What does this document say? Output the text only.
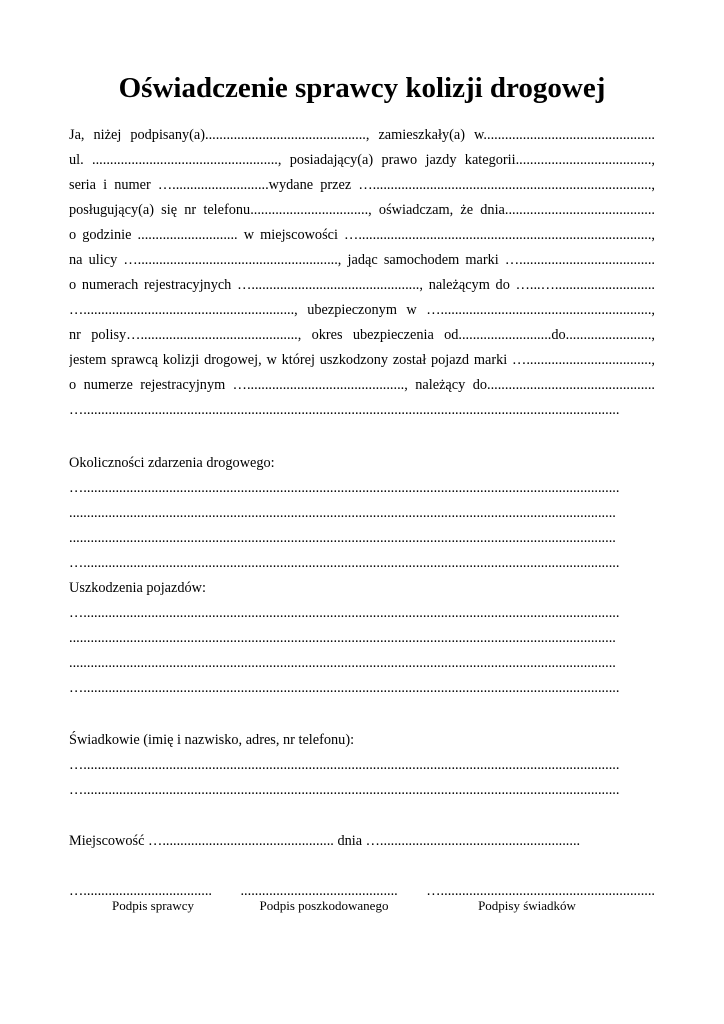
Oświadczenie sprawcy kolizji drogowej
Ja, niżej podpisany(a)............................................., zamieszkały(a) w................................................
ul. ...................................................., posiadający(a) prawo jazdy kategorii......................................,
seria i numer …...........................wydane przez …..............................................................................,
posługujący(a) się nr telefonu................................., oświadczam, że dnia..........................................
o godzinie ............................ w miejscowości …..................................................................................,
na ulicy …........................................................, jadąc samochodem marki …......................................
o numerach rejestracyjnych …..............................................., należącym do …...…............................
…..........................................................., ubezpieczonym w …...........................................................,
nr polisy…............................................, okres ubezpieczenia od..........................do........................,
jestem sprawcą kolizji drogowej, w której uszkodzony został pojazd marki …...................................,
o numerze rejestracyjnym …............................................, należący do...............................................
…......................................................................................................................................................
Okoliczności zdarzenia drogowego:
…......................................................................................................................................................
.........................................................................................................................................................
.........................................................................................................................................................
…......................................................................................................................................................
Uszkodzenia pojazdów:
…......................................................................................................................................................
.........................................................................................................................................................
.........................................................................................................................................................
…......................................................................................................................................................
Świadkowie (imię i nazwisko, adres, nr telefonu):
…......................................................................................................................................................
…......................................................................................................................................................
Miejscowość …................................................ dnia …........................................................
….................................... ............................................ …............................................................
Podpis sprawcy	Podpis poszkodowanego	Podpisy świadków
